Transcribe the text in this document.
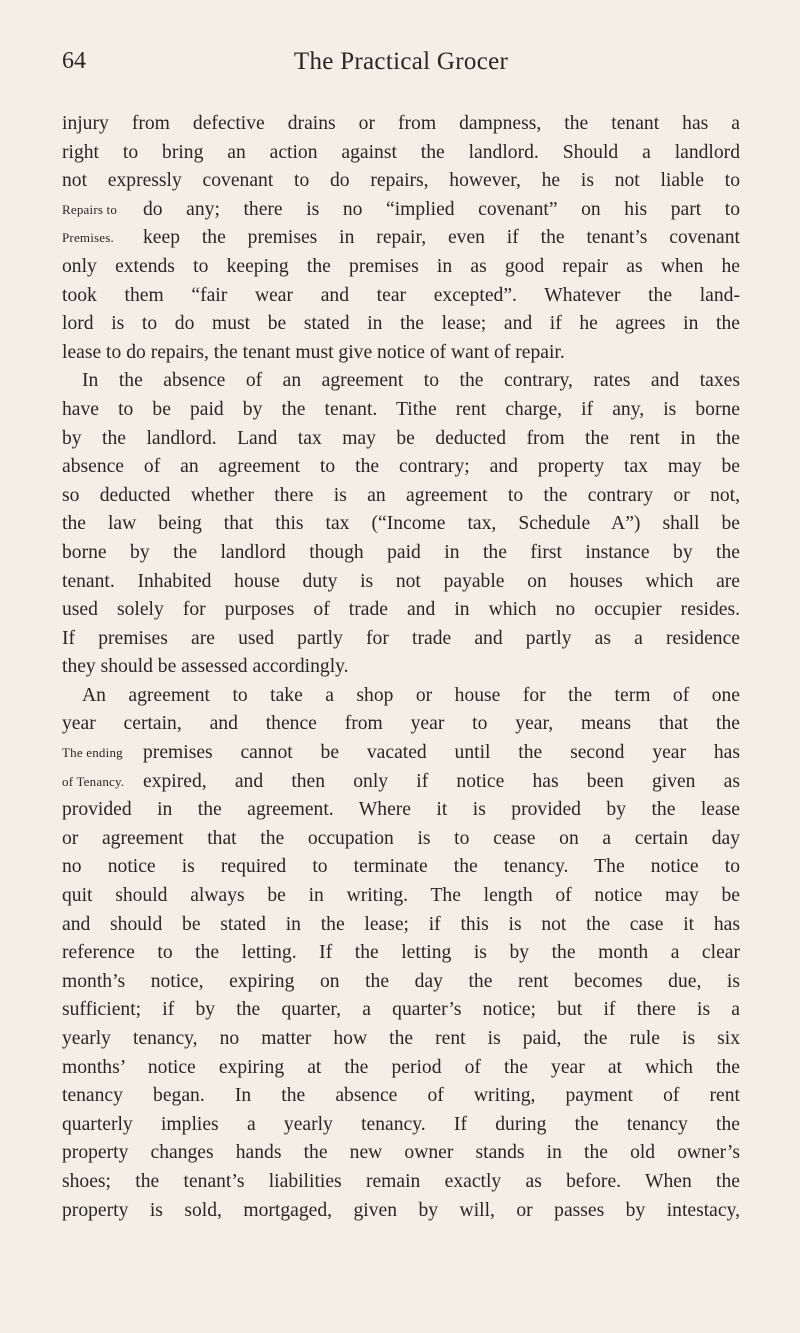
64	The Practical Grocer
injury from defective drains or from dampness, the tenant has a
right to bring an action against the landlord. Should a landlord
not expressly covenant to do repairs, however, he is not liable to
Repairs to do any; there is no “implied covenant” on his part to
Premises. keep the premises in repair, even if the tenant’s covenant
only extends to keeping the premises in as good repair as when he
took them “fair wear and tear excepted”. Whatever the land-
lord is to do must be stated in the lease; and if he agrees in the
lease to do repairs, the tenant must give notice of want of repair.
In the absence of an agreement to the contrary, rates and taxes
have to be paid by the tenant. Tithe rent charge, if any, is borne
by the landlord. Land tax may be deducted from the rent in the
absence of an agreement to the contrary; and property tax may be
so deducted whether there is an agreement to the contrary or not,
the law being that this tax (“Income tax, Schedule A”) shall be
borne by the landlord though paid in the first instance by the
tenant. Inhabited house duty is not payable on houses which are
used solely for purposes of trade and in which no occupier resides.
If premises are used partly for trade and partly as a residence
they should be assessed accordingly.
An agreement to take a shop or house for the term of one
year certain, and thence from year to year, means that the
The ending premises cannot be vacated until the second year has
of Tenancy. expired, and then only if notice has been given as
provided in the agreement. Where it is provided by the lease
or agreement that the occupation is to cease on a certain day
no notice is required to terminate the tenancy. The notice to
quit should always be in writing. The length of notice may be
and should be stated in the lease; if this is not the case it has
reference to the letting. If the letting is by the month a clear
month’s notice, expiring on the day the rent becomes due, is
sufficient; if by the quarter, a quarter’s notice; but if there is a
yearly tenancy, no matter how the rent is paid, the rule is six
months’ notice expiring at the period of the year at which the
tenancy began. In the absence of writing, payment of rent
quarterly implies a yearly tenancy. If during the tenancy the
property changes hands the new owner stands in the old owner’s
shoes; the tenant’s liabilities remain exactly as before. When the
property is sold, mortgaged, given by will, or passes by intestacy,
